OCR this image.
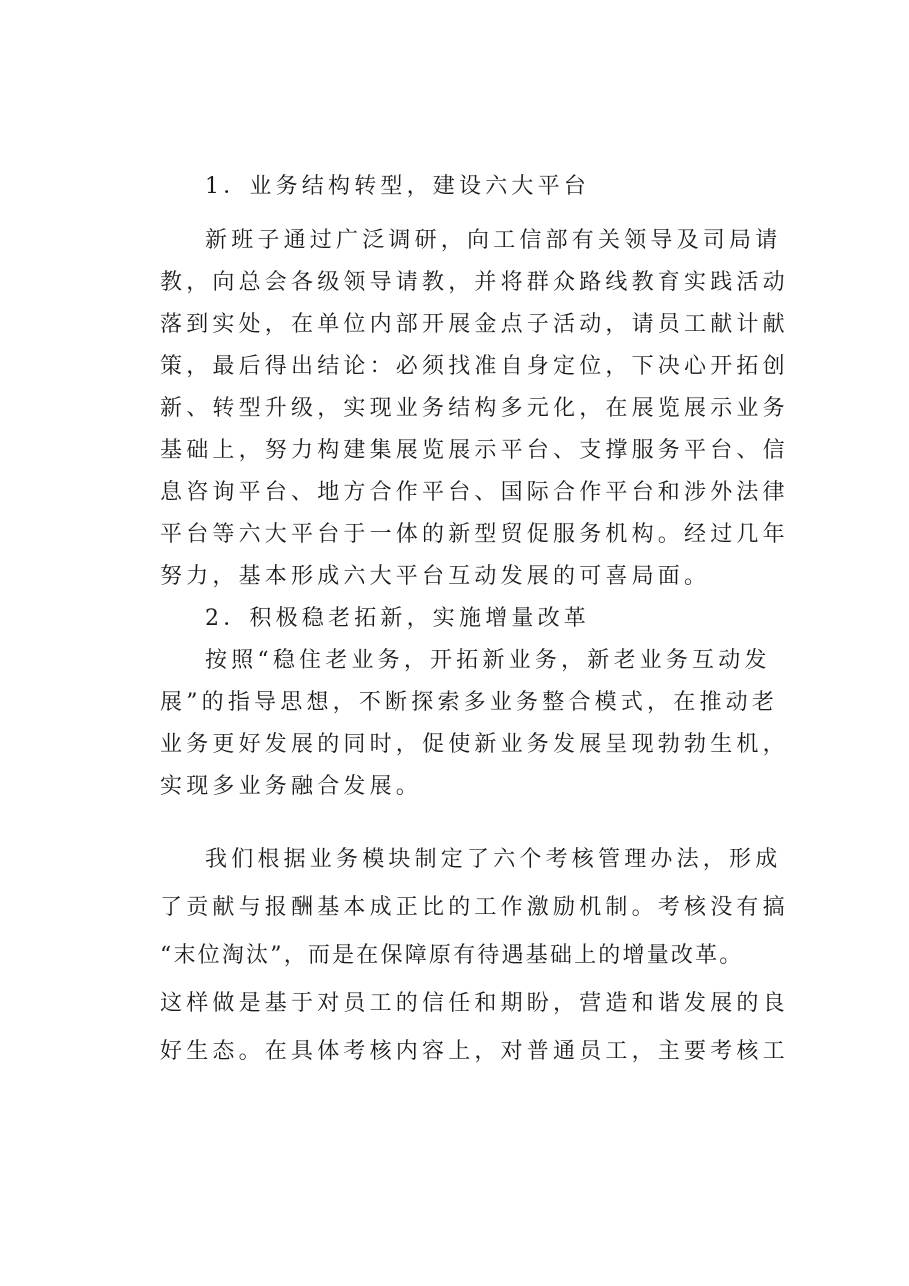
1．业务结构转型，建设六大平台
新班子通过广泛调研，向工信部有关领导及司局请
教，向总会各级领导请教，并将群众路线教育实践活动
落到实处，在单位内部开展金点子活动，请员工献计献
策，最后得出结论：必须找准自身定位，下决心开拓创
新、转型升级，实现业务结构多元化，在展览展示业务
基础上，努力构建集展览展示平台、支撑服务平台、信
息咨询平台、地方合作平台、国际合作平台和涉外法律
平台等六大平台于一体的新型贸促服务机构。经过几年
努力，基本形成六大平台互动发展的可喜局面。
2．积极稳老拓新，实施增量改革
按照“稳住老业务，开拓新业务，新老业务互动发
展”的指导思想，不断探索多业务整合模式，在推动老
业务更好发展的同时，促使新业务发展呈现勃勃生机，
实现多业务融合发展。
我们根据业务模块制定了六个考核管理办法，形成
了贡献与报酬基本成正比的工作激励机制。考核没有搞
“末位淘汰”，而是在保障原有待遇基础上的增量改革。
这样做是基于对员工的信任和期盼，营造和谐发展的良
好生态。在具体考核内容上，对普通员工，主要考核工
